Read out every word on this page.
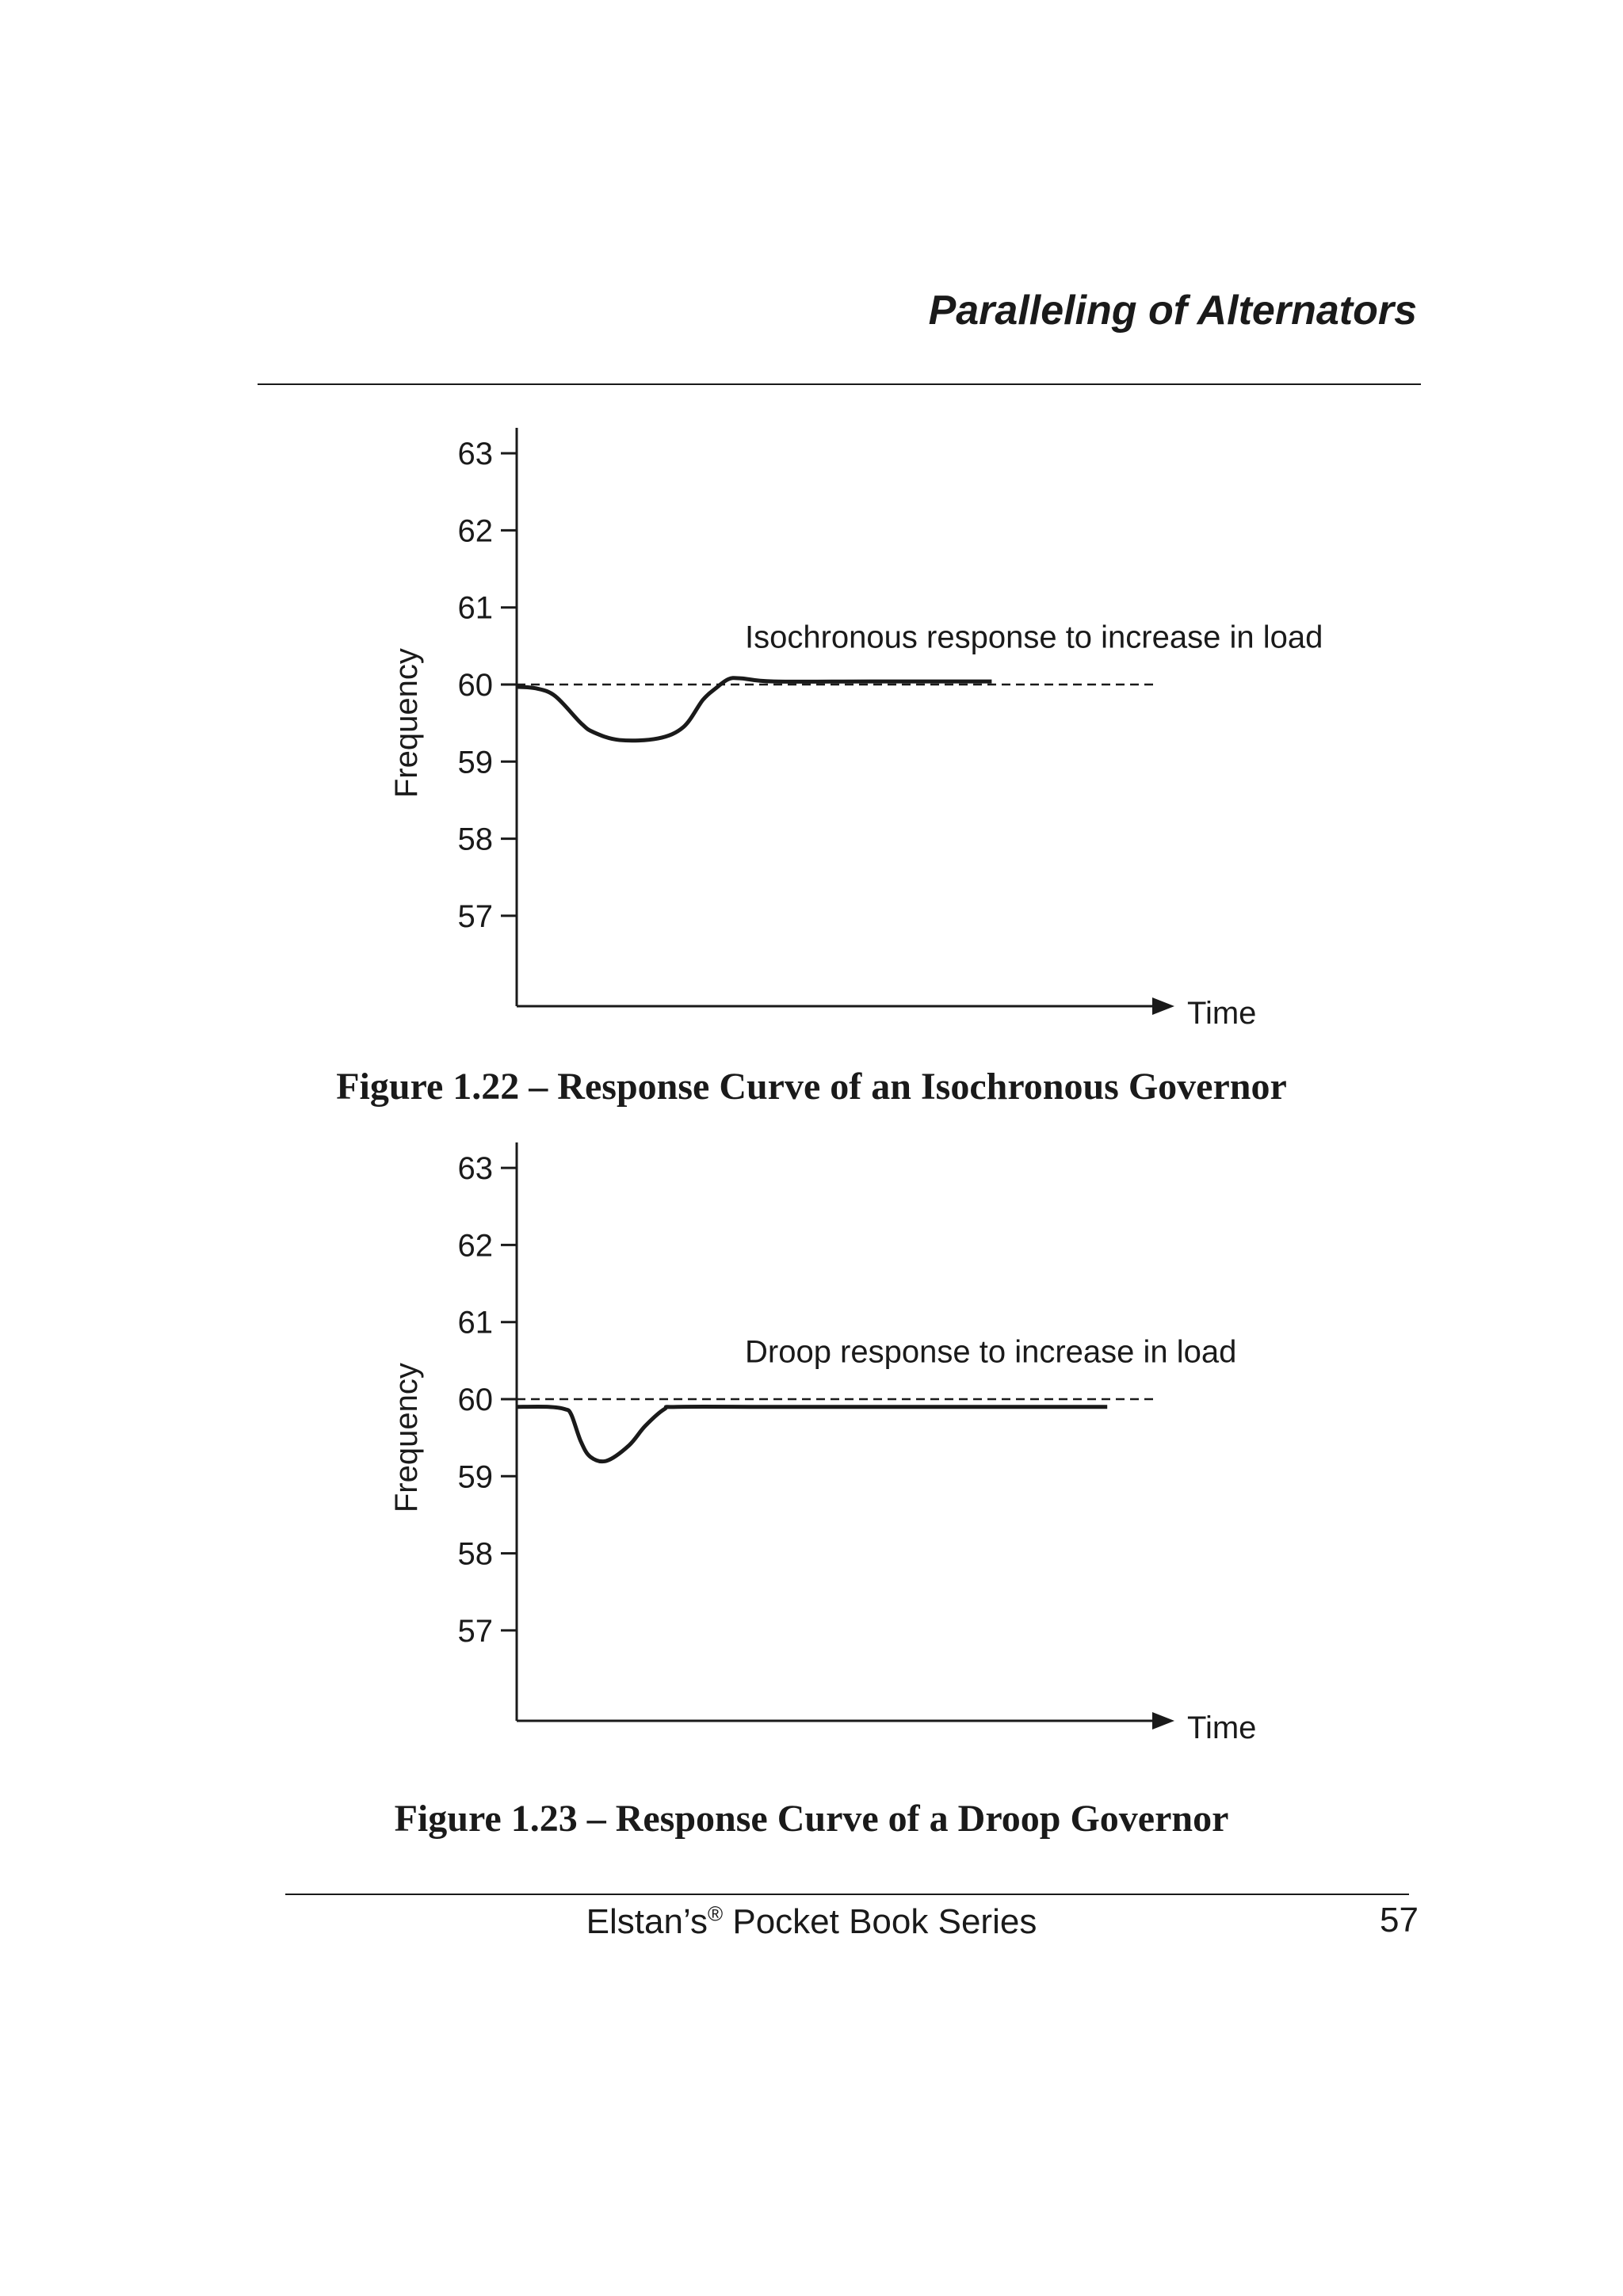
Paralleling of Alternators
63
62
61
60
59
58
57
Frequency
Time
Isochronous response to increase in load

Figure 1.22 – Response Curve of an Isochronous Governor

63
62
61
60
59
58
57
Frequency
Time
Droop response to increase in load

Figure 1.23 – Response Curve of a Droop Governor

Elstan’s® Pocket Book Series	57
